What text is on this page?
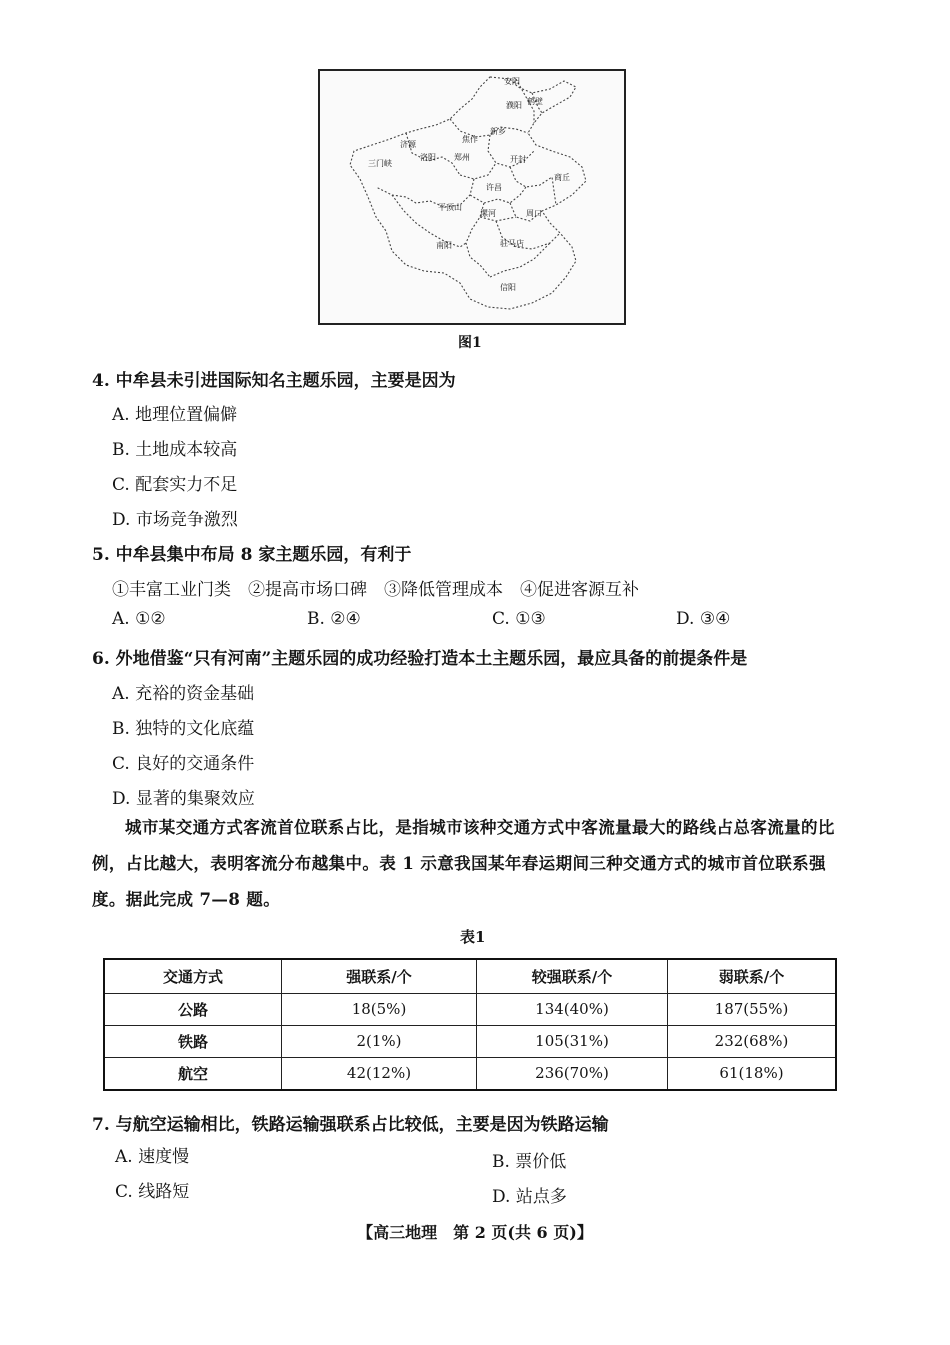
安阳
鹤壁
濮阳
新乡
焦作
济源
三门峡
洛阳 郑州	开封
商丘
许昌
平顶山
漯河	周口
南阳	驻马店
信阳
图1
4. 中牟县未引进国际知名主题乐园，主要是因为
A. 地理位置偏僻
B. 土地成本较高
C. 配套实力不足
D. 市场竞争激烈
5. 中牟县集中布局 8 家主题乐园，有利于
①丰富工业门类　②提高市场口碑　③降低管理成本　④促进客源互补
A. ①②	B. ②④	C. ①③	D. ③④
6. 外地借鉴“只有河南”主题乐园的成功经验打造本土主题乐园，最应具备的前提条件是
A. 充裕的资金基础
B. 独特的文化底蕴
C. 良好的交通条件
D. 显著的集聚效应
城市某交通方式客流首位联系占比，是指城市该种交通方式中客流量最大的路线占总客流量的比例，占比越大，表明客流分布越集中。表 1 示意我国某年春运期间三种交通方式的城市首位联系强度。据此完成 7—8 题。
表1
交通方式	强联系/个	较强联系/个	弱联系/个
公路	18(5%)	134(40%)	187(55%)
铁路	2(1%)	105(31%)	232(68%)
航空	42(12%)	236(70%)	61(18%)
7. 与航空运输相比，铁路运输强联系占比较低，主要是因为铁路运输
A. 速度慢	B. 票价低
C. 线路短	D. 站点多
【高三地理　第 2 页(共 6 页)】
